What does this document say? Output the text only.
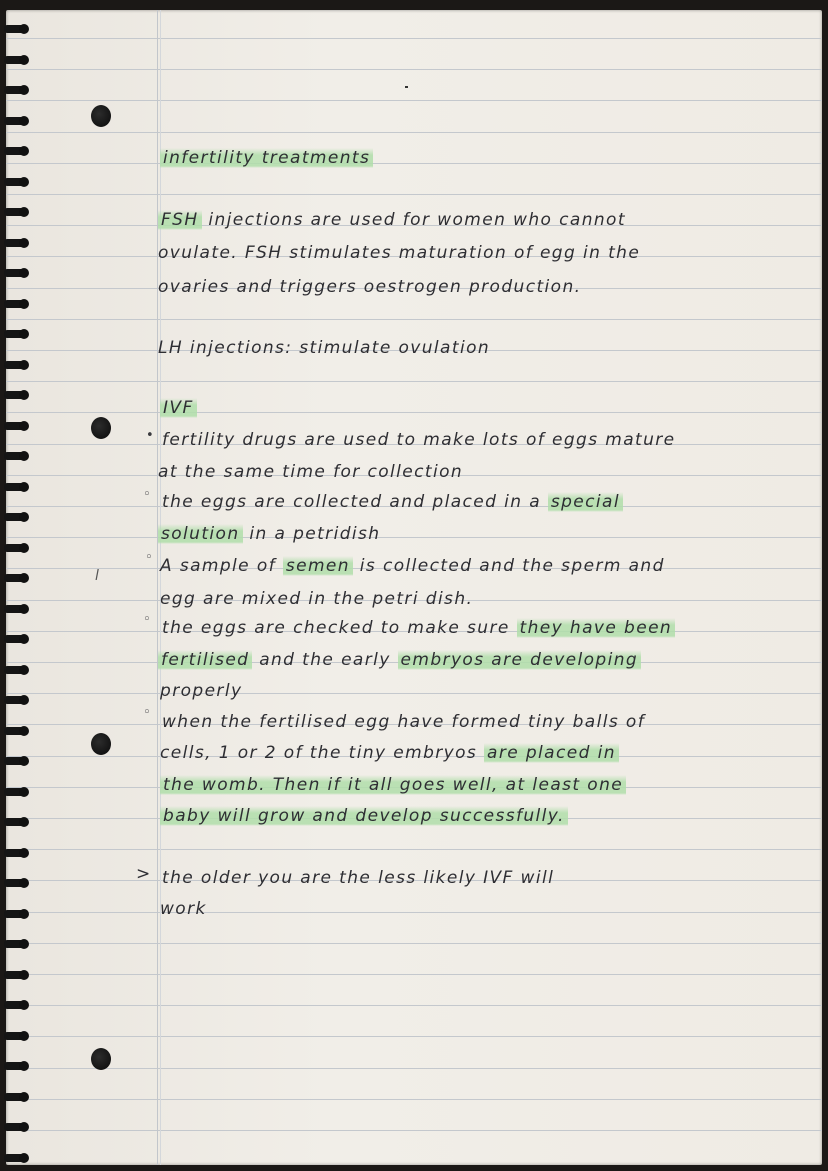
infertility treatments
FSH injections are used for women who cannot
ovulate. FSH stimulates maturation of egg in the
ovaries and triggers oestrogen production.
LH injections: stimulate ovulation
IVF
• fertility drugs are used to make lots of eggs mature
at the same time for collection
◦ the eggs are collected and placed in a special
solution in a petridish
◦ A sample of semen is collected and the sperm and
egg are mixed in the petri dish.
l
◦ the eggs are checked to make sure they have been
fertilised and the early embryos are developing
properly
◦ when the fertilised egg have formed tiny balls of
cells, 1 or 2 of the tiny embryos are placed in
the womb. Then if it all goes well, at least one
baby will grow and develop successfully.
> the older you are the less likely IVF will
work
